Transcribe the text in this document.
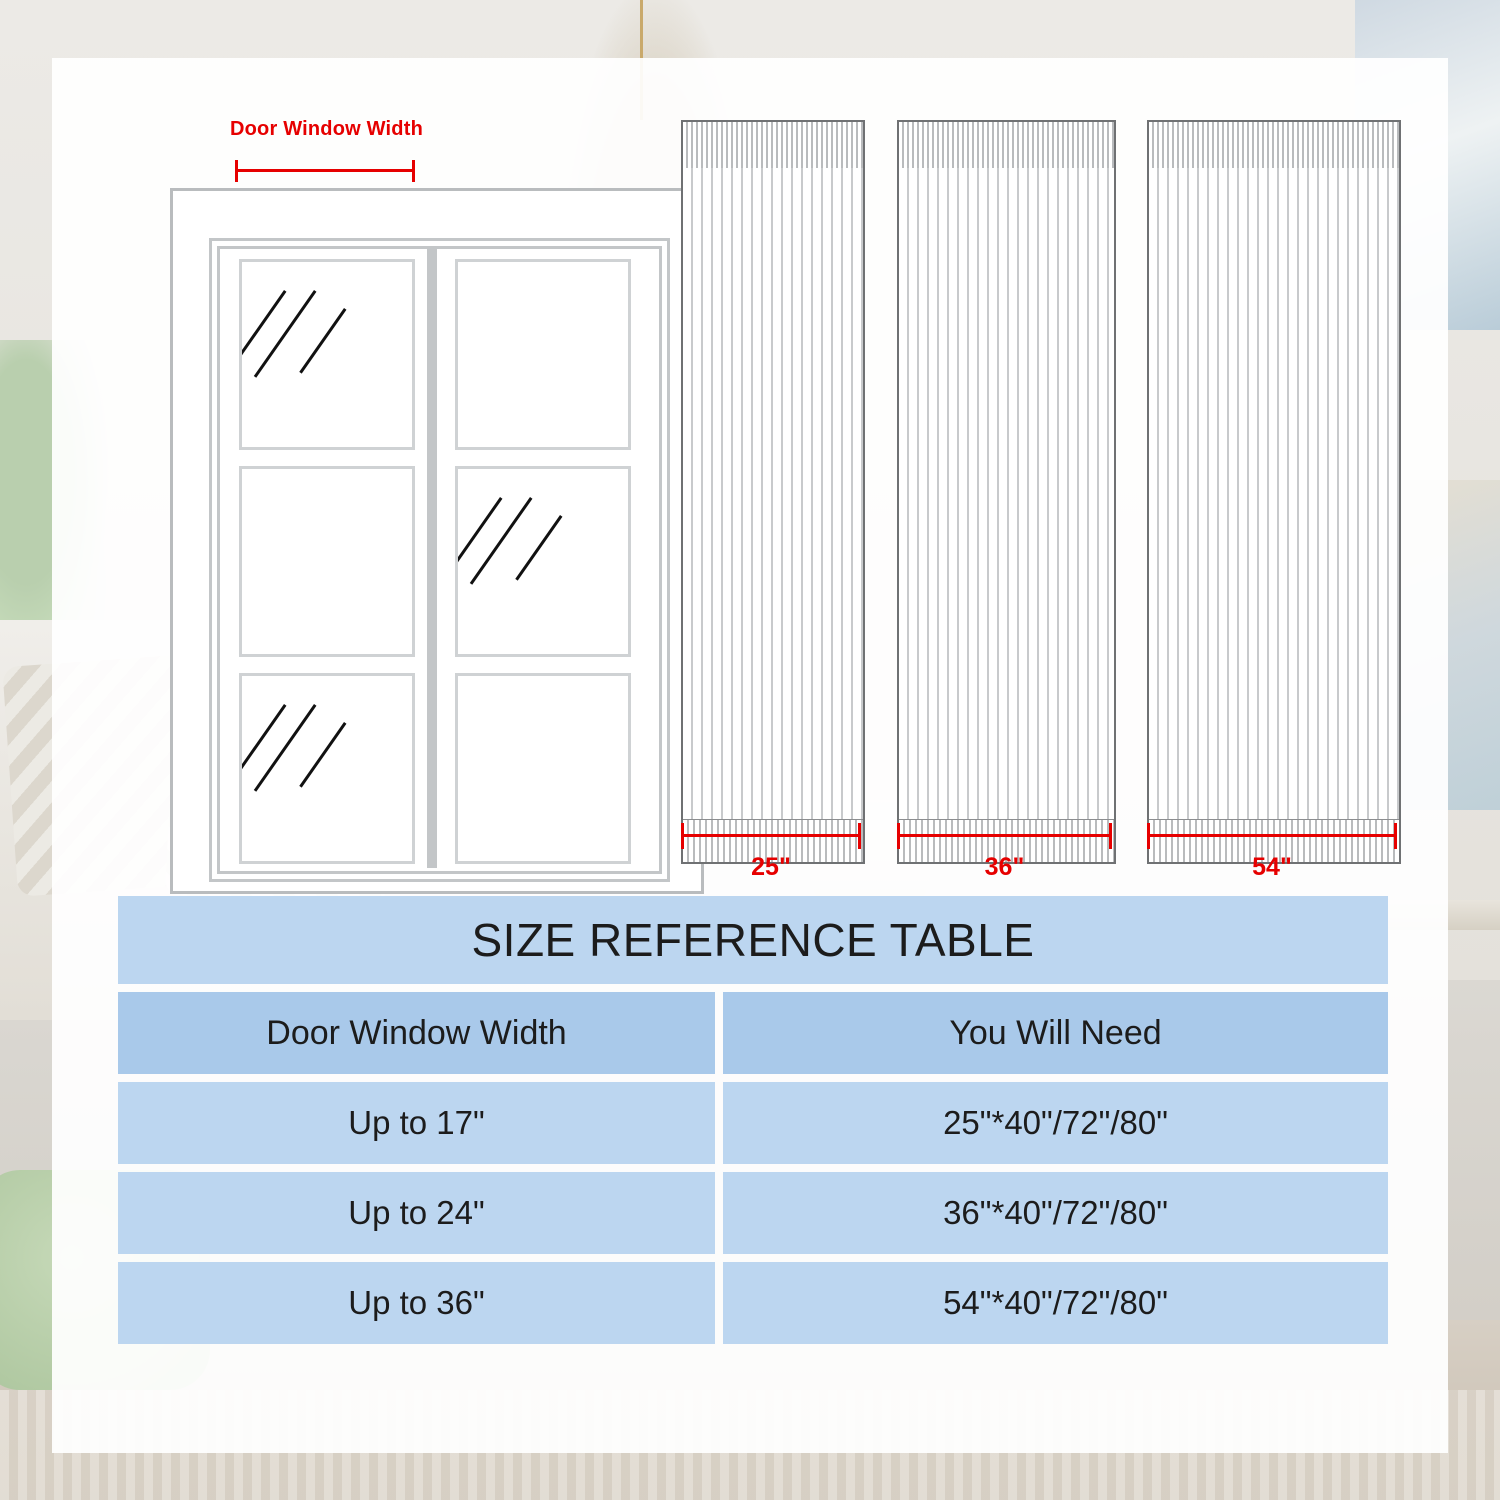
Door Window Width
25"	36"	54"
SIZE REFERENCE TABLE
Door Window Width	You Will Need
Up to 17"	25"*40"/72"/80"
Up to 24"	36"*40"/72"/80"
Up to 36"	54"*40"/72"/80"
